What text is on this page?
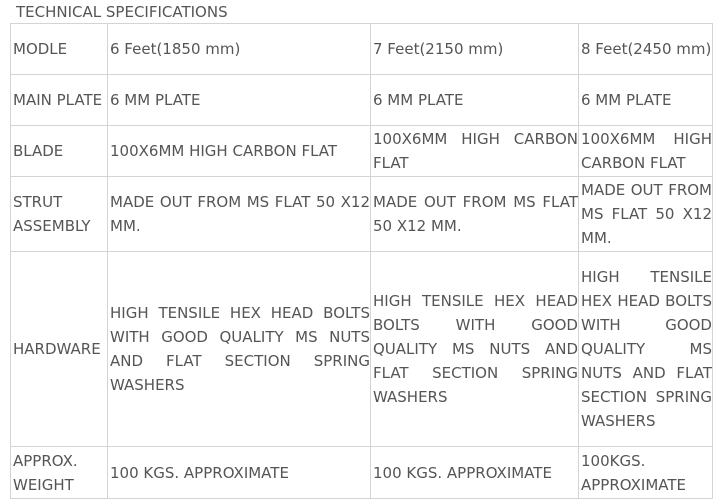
TECHNICAL SPECIFICATIONS
MODLE	6 Feet(1850 mm)	7 Feet(2150 mm)	8 Feet(2450 mm)
MAIN PLATE	6 MM PLATE	6 MM PLATE	6 MM PLATE
BLADE	100X6MM HIGH CARBON FLAT	100X6MM HIGH CARBON FLAT	100X6MM HIGH CARBON FLAT
STRUT ASSEMBLY	MADE OUT FROM MS FLAT 50 X12 MM.	MADE OUT FROM MS FLAT 50 X12 MM.	MADE OUT FROM MS FLAT 50 X12 MM.
HARDWARE	HIGH TENSILE HEX HEAD BOLTS WITH GOOD QUALITY MS NUTS AND FLAT SECTION SPRING WASHERS	HIGH TENSILE HEX HEAD BOLTS WITH GOOD QUALITY MS NUTS AND FLAT SECTION SPRING WASHERS	HIGH TENSILE HEX HEAD BOLTS WITH GOOD QUALITY MS NUTS AND FLAT SECTION SPRING WASHERS
APPROX. WEIGHT	100 KGS. APPROXIMATE	100 KGS. APPROXIMATE	100KGS. APPROXIMATE
